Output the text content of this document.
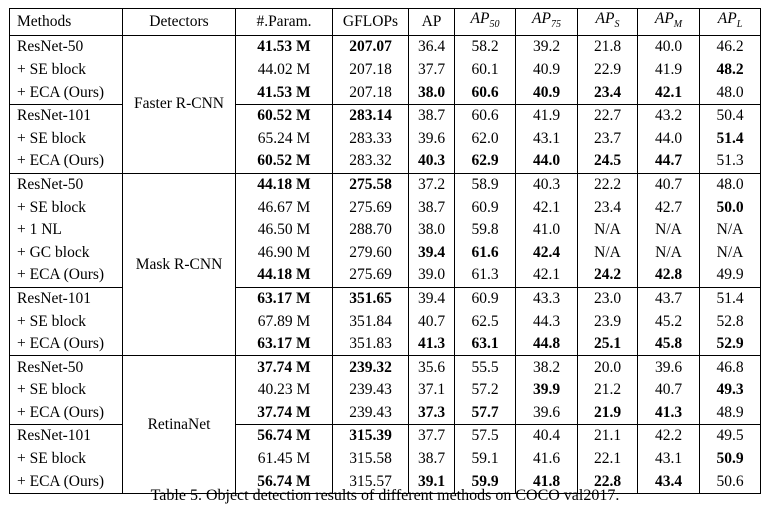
Methods	Detectors	#.Param.	GFLOPs	AP	$AP_{50}$	$AP_{75}$	$AP_S$	$AP_M$	$AP_L$
ResNet-50	Faster R-CNN	41.53 M	207.07	36.4	58.2	39.2	21.8	40.0	46.2
+ SE block		44.02 M	207.18	37.7	60.1	40.9	22.9	41.9	48.2
+ ECA (Ours)		41.53 M	207.18	38.0	60.6	40.9	23.4	42.1	48.0
ResNet-101		60.52 M	283.14	38.7	60.6	41.9	22.7	43.2	50.4
+ SE block		65.24 M	283.33	39.6	62.0	43.1	23.7	44.0	51.4
+ ECA (Ours)		60.52 M	283.32	40.3	62.9	44.0	24.5	44.7	51.3
ResNet-50	Mask R-CNN	44.18 M	275.58	37.2	58.9	40.3	22.2	40.7	48.0
+ SE block		46.67 M	275.69	38.7	60.9	42.1	23.4	42.7	50.0
+ 1 NL		46.50 M	288.70	38.0	59.8	41.0	N/A	N/A	N/A
+ GC block		46.90 M	279.60	39.4	61.6	42.4	N/A	N/A	N/A
+ ECA (Ours)		44.18 M	275.69	39.0	61.3	42.1	24.2	42.8	49.9
ResNet-101		63.17 M	351.65	39.4	60.9	43.3	23.0	43.7	51.4
+ SE block		67.89 M	351.84	40.7	62.5	44.3	23.9	45.2	52.8
+ ECA (Ours)		63.17 M	351.83	41.3	63.1	44.8	25.1	45.8	52.9
ResNet-50	RetinaNet	37.74 M	239.32	35.6	55.5	38.2	20.0	39.6	46.8
+ SE block		40.23 M	239.43	37.1	57.2	39.9	21.2	40.7	49.3
+ ECA (Ours)		37.74 M	239.43	37.3	57.7	39.6	21.9	41.3	48.9
ResNet-101		56.74 M	315.39	37.7	57.5	40.4	21.1	42.2	49.5
+ SE block		61.45 M	315.58	38.7	59.1	41.6	22.1	43.1	50.9
+ ECA (Ours)		56.74 M	315.57	39.1	59.9	41.8	22.8	43.4	50.6
Table 5. Object detection results of different methods on COCO val2017.
